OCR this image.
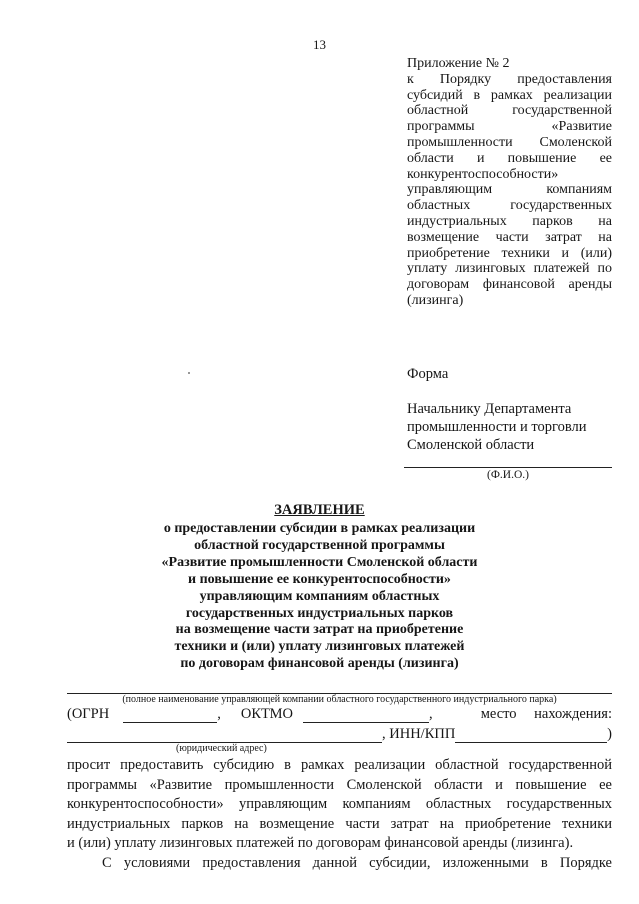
13
Приложение № 2
к Порядку предоставления
субсидий в рамках реализации
областной государственной
программы «Развитие
промышленности Смоленской
области и повышение ее
конкурентоспособности»
управляющим компаниям
областных государственных
индустриальных парков на
возмещение части затрат на
приобретение техники и (или)
уплату лизинговых платежей по
договорам финансовой аренды
(лизинга)
Форма
Начальнику Департамента
промышленности и торговли
Смоленской области
(Ф.И.О.)
ЗАЯВЛЕНИЕ
о предоставлении субсидии в рамках реализации
областной государственной программы
«Развитие промышленности Смоленской области
и повышение ее конкурентоспособности»
управляющим компаниям областных
государственных индустриальных парков
на возмещение части затрат на приобретение
техники и (или) уплату лизинговых платежей
по договорам финансовой аренды (лизинга)
(полное наименование управляющей компании областного государственного индустриального парка)
(ОГРН	, ОКТМО	,	место нахождения:
, ИНН/КПП	)
(юридический адрес)
просит предоставить субсидию в рамках реализации областной государственной
программы «Развитие промышленности Смоленской области и повышение ее
конкурентоспособности» управляющим компаниям областных государственных
индустриальных парков на возмещение части затрат на приобретение техники
и (или) уплату лизинговых платежей по договорам финансовой аренды (лизинга).
С условиями предоставления данной субсидии, изложенными в Порядке
